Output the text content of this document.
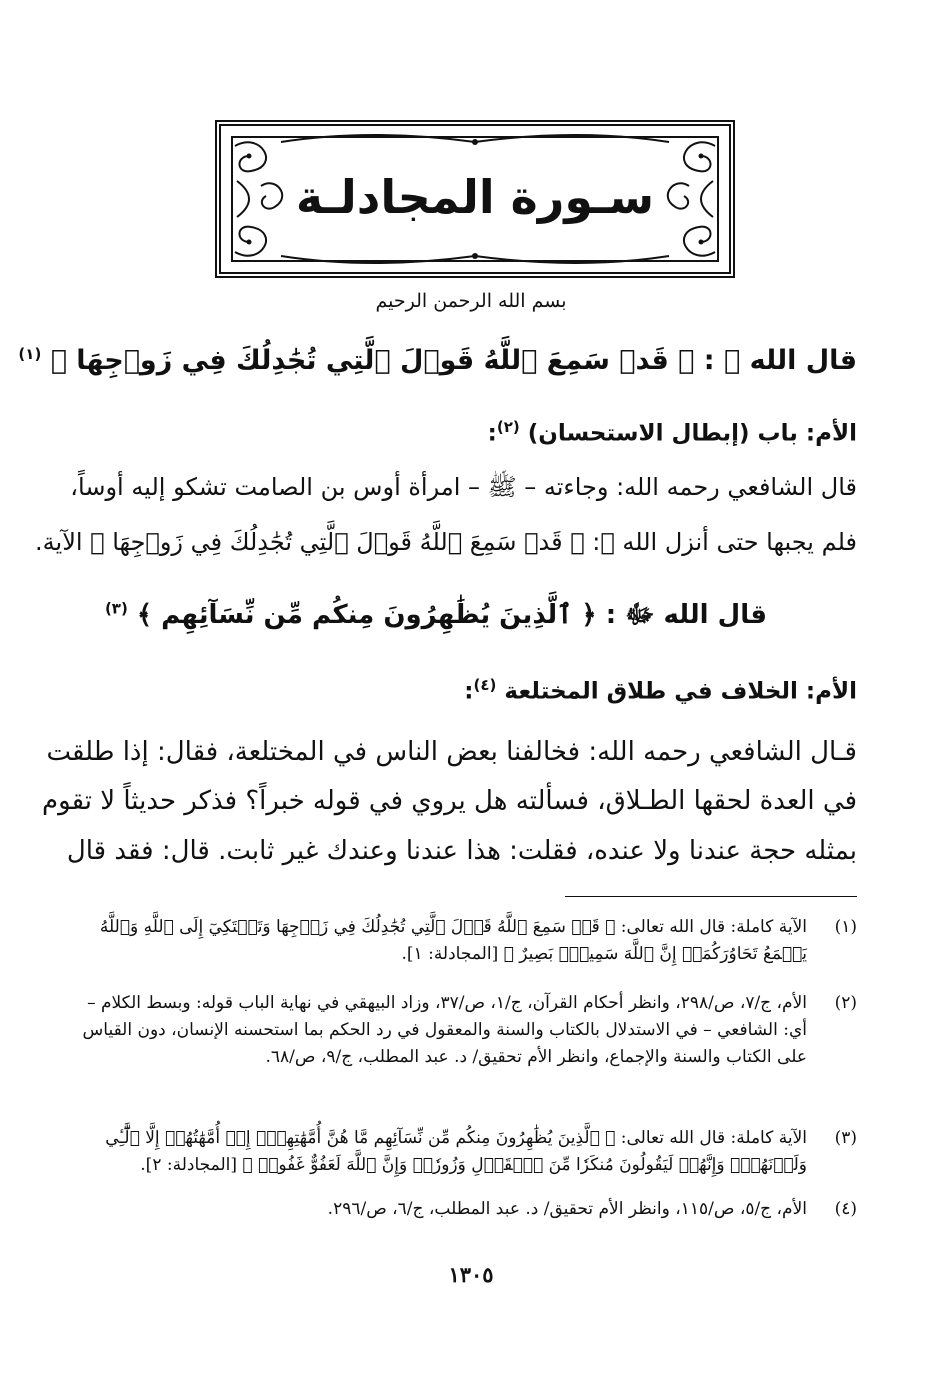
سـورة المجادلـة
بسم الله الرحمن الرحيم
قال الله ﷻ : ﴿ قَدۡ سَمِعَ ٱللَّهُ قَوۡلَ ٱلَّتِي تُجَٰدِلُكَ فِي زَوۡجِهَا ﴾ $^{(١)}$
الأم: باب (إبطال الاستحسان) $^{(٢)}$:
قال الشافعي رحمه الله: وجاءته – ﷺ – امرأة أوس بن الصامت تشكو إليه أوساً،
فلم يجبها حتى أنزل الله ﷻ: ﴿ قَدۡ سَمِعَ ٱللَّهُ قَوۡلَ ٱلَّتِي تُجَٰدِلُكَ فِي زَوۡجِهَا ﴾ الآية.
قال الله ﷻ : ﴿ ٱلَّذِينَ يُظَٰهِرُونَ مِنكُم مِّن نِّسَآئِهِم ﴾ $^{(٣)}$
الأم: الخلاف في طلاق المختلعة $^{(٤)}$:
قـال الشافعي رحمه الله: فخالفنا بعض الناس في المختلعة، فقال: إذا طلقت
في العدة لحقها الطـلاق، فسألته هل يروي في قوله خبراً؟ فذكر حديثاً لا تقوم
بمثله حجة عندنا ولا عنده، فقلت: هذا عندنا وعندك غير ثابت. قال: فقد قال
(١)
الآية كاملة: قال الله تعالى: ﴿ قَدۡ سَمِعَ ٱللَّهُ قَوۡلَ ٱلَّتِي تُجَٰدِلُكَ فِي زَوۡجِهَا وَتَشۡتَكِيٓ إِلَى ٱللَّهِ وَٱللَّهُ يَسۡمَعُ تَحَاوُرَكُمَآۚ إِنَّ ٱللَّهَ سَمِيعُۢ بَصِيرٌ ﴾ [المجادلة: ١].
(٢)
الأم، ج/٧، ص/٢٩٨، وانظر أحكام القرآن، ج/١، ص/٣٧، وزاد البيهقي في نهاية الباب قوله: وبسط الكلام – أي: الشافعي – في الاستدلال بالكتاب والسنة والمعقول في رد الحكم بما استحسنه الإنسان، دون القياس على الكتاب والسنة والإجماع، وانظر الأم تحقيق/ د. عبد المطلب، ج/٩، ص/٦٨.
(٣)
الآية كاملة: قال الله تعالى: ﴿ ٱلَّذِينَ يُظَٰهِرُونَ مِنكُم مِّن نِّسَآئِهِم مَّا هُنَّ أُمَّهَٰتِهِمۡۖ إِنۡ أُمَّهَٰتُهُمۡ إِلَّا ٱلَّٰٓـِٔي وَلَدۡنَهُمۡۚ وَإِنَّهُمۡ لَيَقُولُونَ مُنكَرٗا مِّنَ ٱلۡقَوۡلِ وَزُورٗاۚ وَإِنَّ ٱللَّهَ لَعَفُوٌّ غَفُورٞ ﴾ [المجادلة: ٢].
(٤)
الأم، ج/٥، ص/١١٥، وانظر الأم تحقيق/ د. عبد المطلب، ج/٦، ص/٢٩٦.
١٣٠٥
